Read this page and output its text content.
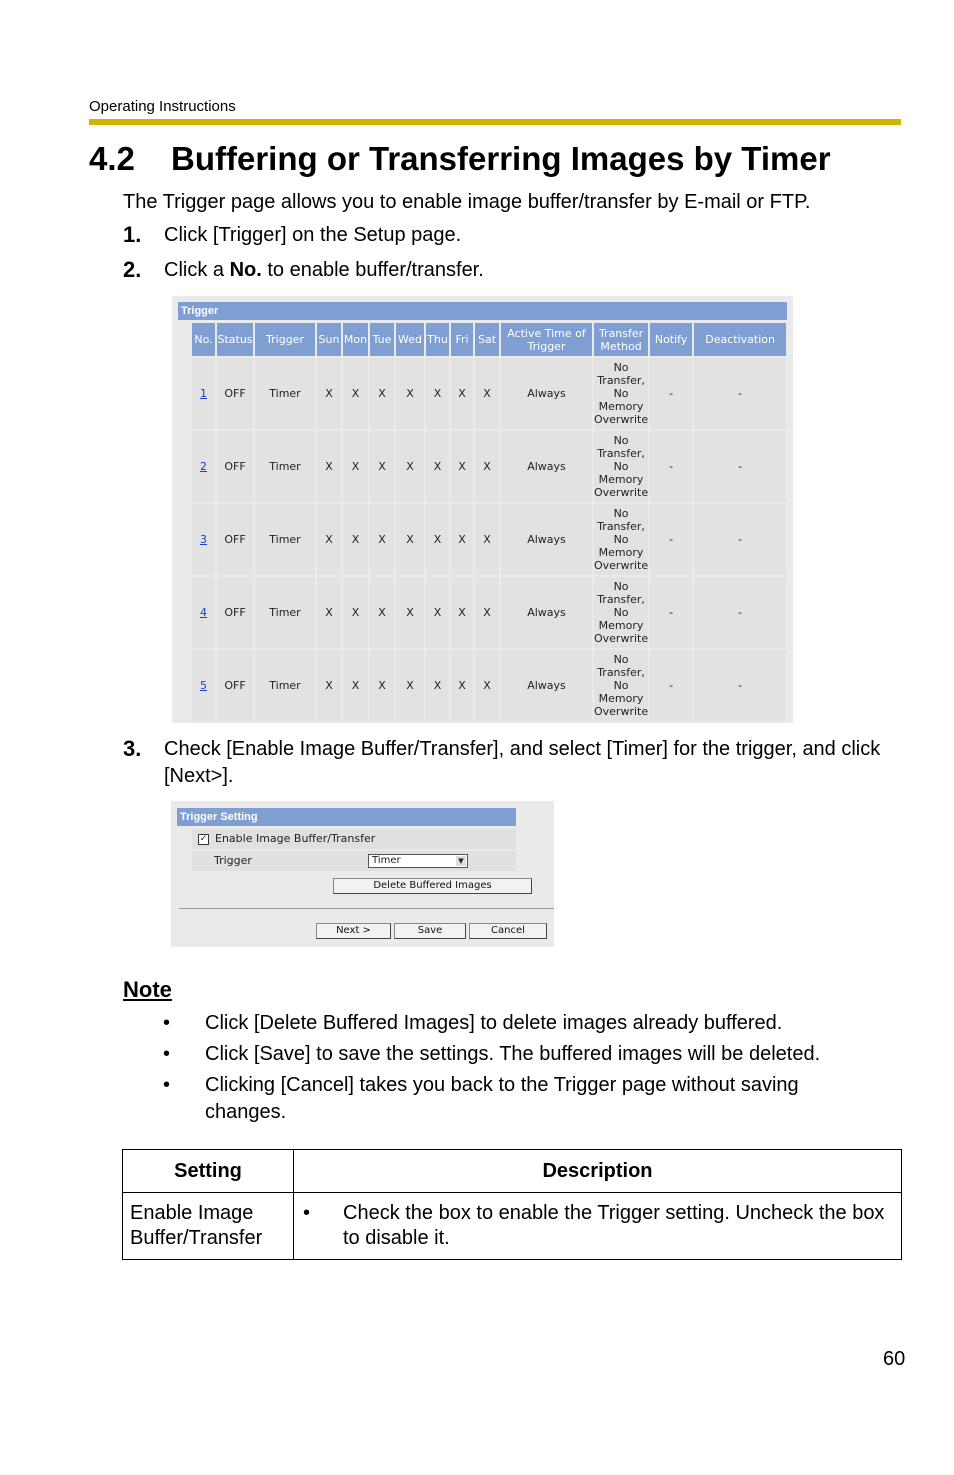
Operating Instructions
4.2 Buffering or Transferring Images by Timer
The Trigger page allows you to enable image buffer/transfer by E-mail or FTP.
1. Click [Trigger] on the Setup page.
2. Click a No. to enable buffer/transfer.
Trigger
No.	Status	Trigger	Sun	Mon	Tue	Wed	Thu	Fri	Sat	Active Time of Trigger	Transfer Method	Notify	Deactivation
1	OFF	Timer	X	X	X	X	X	X	X	Always	No Transfer, No Memory Overwrite	-	-
2	OFF	Timer	X	X	X	X	X	X	X	Always	No Transfer, No Memory Overwrite	-	-
3	OFF	Timer	X	X	X	X	X	X	X	Always	No Transfer, No Memory Overwrite	-	-
4	OFF	Timer	X	X	X	X	X	X	X	Always	No Transfer, No Memory Overwrite	-	-
5	OFF	Timer	X	X	X	X	X	X	X	Always	No Transfer, No Memory Overwrite	-	-
3. Check [Enable Image Buffer/Transfer], and select [Timer] for the trigger, and click [Next>].
Trigger Setting
✓ Enable Image Buffer/Transfer
Trigger	Timer	▼
Delete Buffered Images
Next >	Save	Cancel
Note
• Click [Delete Buffered Images] to delete images already buffered.
• Click [Save] to save the settings. The buffered images will be deleted.
• Clicking [Cancel] takes you back to the Trigger page without saving changes.
Setting	Description
Enable Image Buffer/Transfer	• Check the box to enable the Trigger setting. Uncheck the box to disable it.
60
